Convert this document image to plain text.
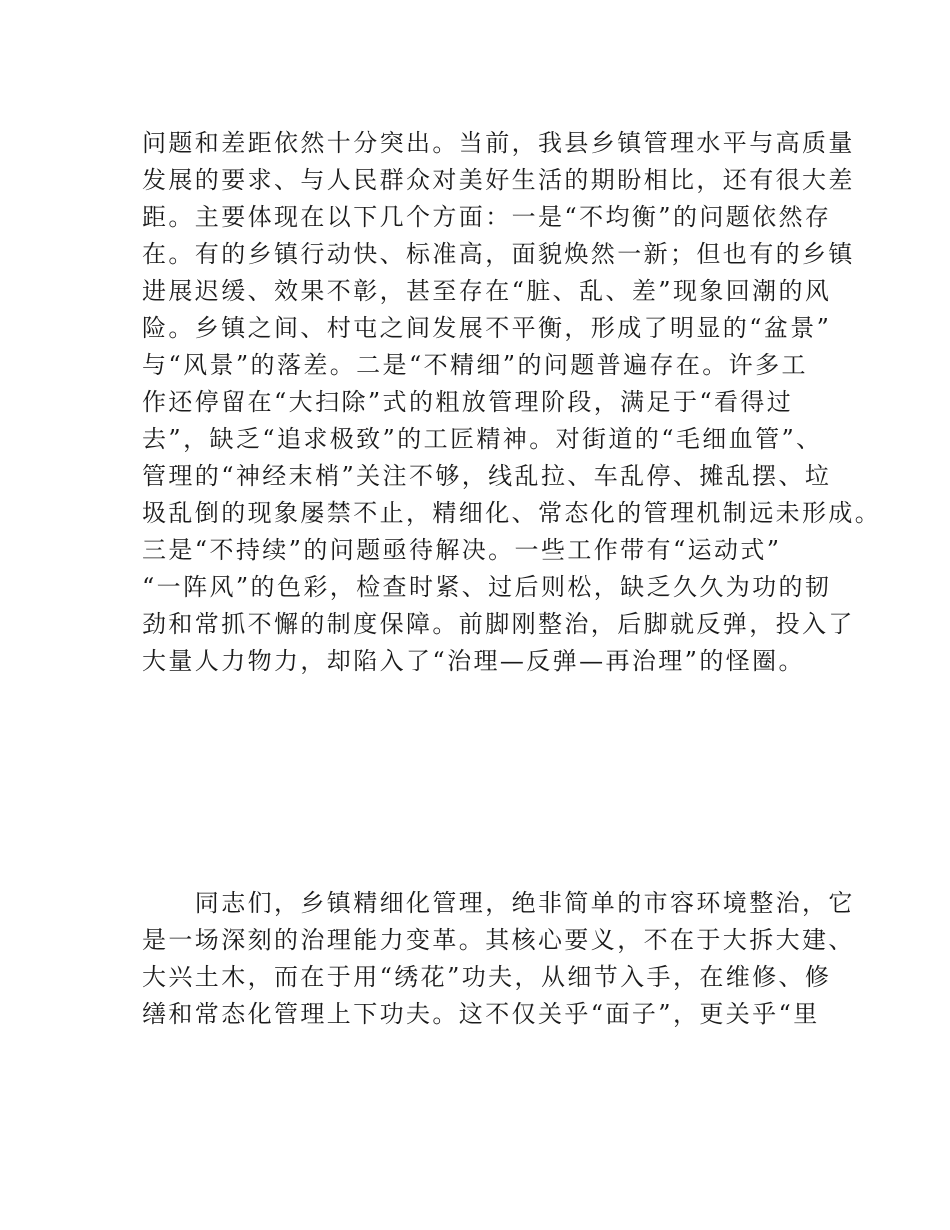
问题和差距依然十分突出。当前，我县乡镇管理水平与高质量
发展的要求、与人民群众对美好生活的期盼相比，还有很大差
距。主要体现在以下几个方面：一是“不均衡”的问题依然存
在。有的乡镇行动快、标准高，面貌焕然一新；但也有的乡镇
进展迟缓、效果不彰，甚至存在“脏、乱、差”现象回潮的风
险。乡镇之间、村屯之间发展不平衡，形成了明显的“盆景”
与“风景”的落差。二是“不精细”的问题普遍存在。许多工
作还停留在“大扫除”式的粗放管理阶段，满足于“看得过
去”，缺乏“追求极致”的工匠精神。对街道的“毛细血管”、
管理的“神经末梢”关注不够，线乱拉、车乱停、摊乱摆、垃
圾乱倒的现象屡禁不止，精细化、常态化的管理机制远未形成。
三是“不持续”的问题亟待解决。一些工作带有“运动式”
“一阵风”的色彩，检查时紧、过后则松，缺乏久久为功的韧
劲和常抓不懈的制度保障。前脚刚整治，后脚就反弹，投入了
大量人力物力，却陷入了“治理—反弹—再治理”的怪圈。

　　同志们，乡镇精细化管理，绝非简单的市容环境整治，它
是一场深刻的治理能力变革。其核心要义，不在于大拆大建、
大兴土木，而在于用“绣花”功夫，从细节入手，在维修、修
缮和常态化管理上下功夫。这不仅关乎“面子”，更关乎“里
